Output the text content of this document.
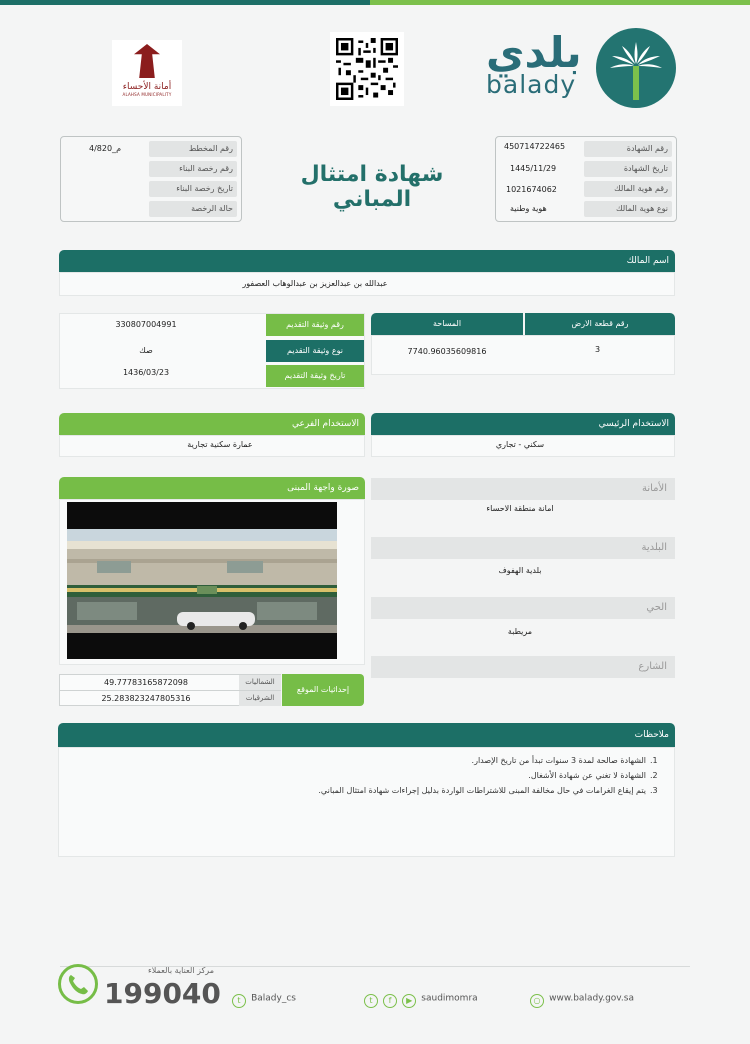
أمانة الأحساء
ALAHSA MUNICIPALITY
بلدي
balady
رقم المخطط
4/820_م
رقم رخصة البناء
تاريخ رخصة البناء
حالة الرخصة
شهادة امتثال المباني
رقم الشهادة
450714722465
تاريخ الشهادة
1445/11/29
رقم هوية المالك
1021674062
نوع هوية المالك
هوية وطنية
اسم المالك
عبدالله بن عبدالعزيز بن عبدالوهاب العصفور
رقم وثيقة التقديم
330807004991
نوع وثيقة التقديم
صك
تاريخ وثيقة التقديم
1436/03/23
المساحة	رقم قطعة الارض
7740.96035609816	3
الاستخدام الفرعي
عمارة سكنية تجارية
الاستخدام الرئيسي
سكني - تجاري
الأمانة
امانة منطقة الاحساء
البلدية
بلدية الهفوف
الحي
مريطبة
الشارع
صورة واجهة المبنى
الشماليات
49.77783165872098
الشرقيات
25.283823247805316
إحداثيات الموقع
ملاحظات
الشهادة صالحة لمدة 3 سنوات تبدأ من تاريخ الإصدار.
الشهادة لا تغني عن شهادة الأشغال.
يتم إيقاع الغرامات في حال مخالفة المبنى للاشتراطات الواردة بدليل إجراءات شهادة امتثال المباني.
.1
.2
.3
مركز العناية بالعملاء
199040	t Balady_cs	t f ▶ saudimomra	○ www.balady.gov.sa
